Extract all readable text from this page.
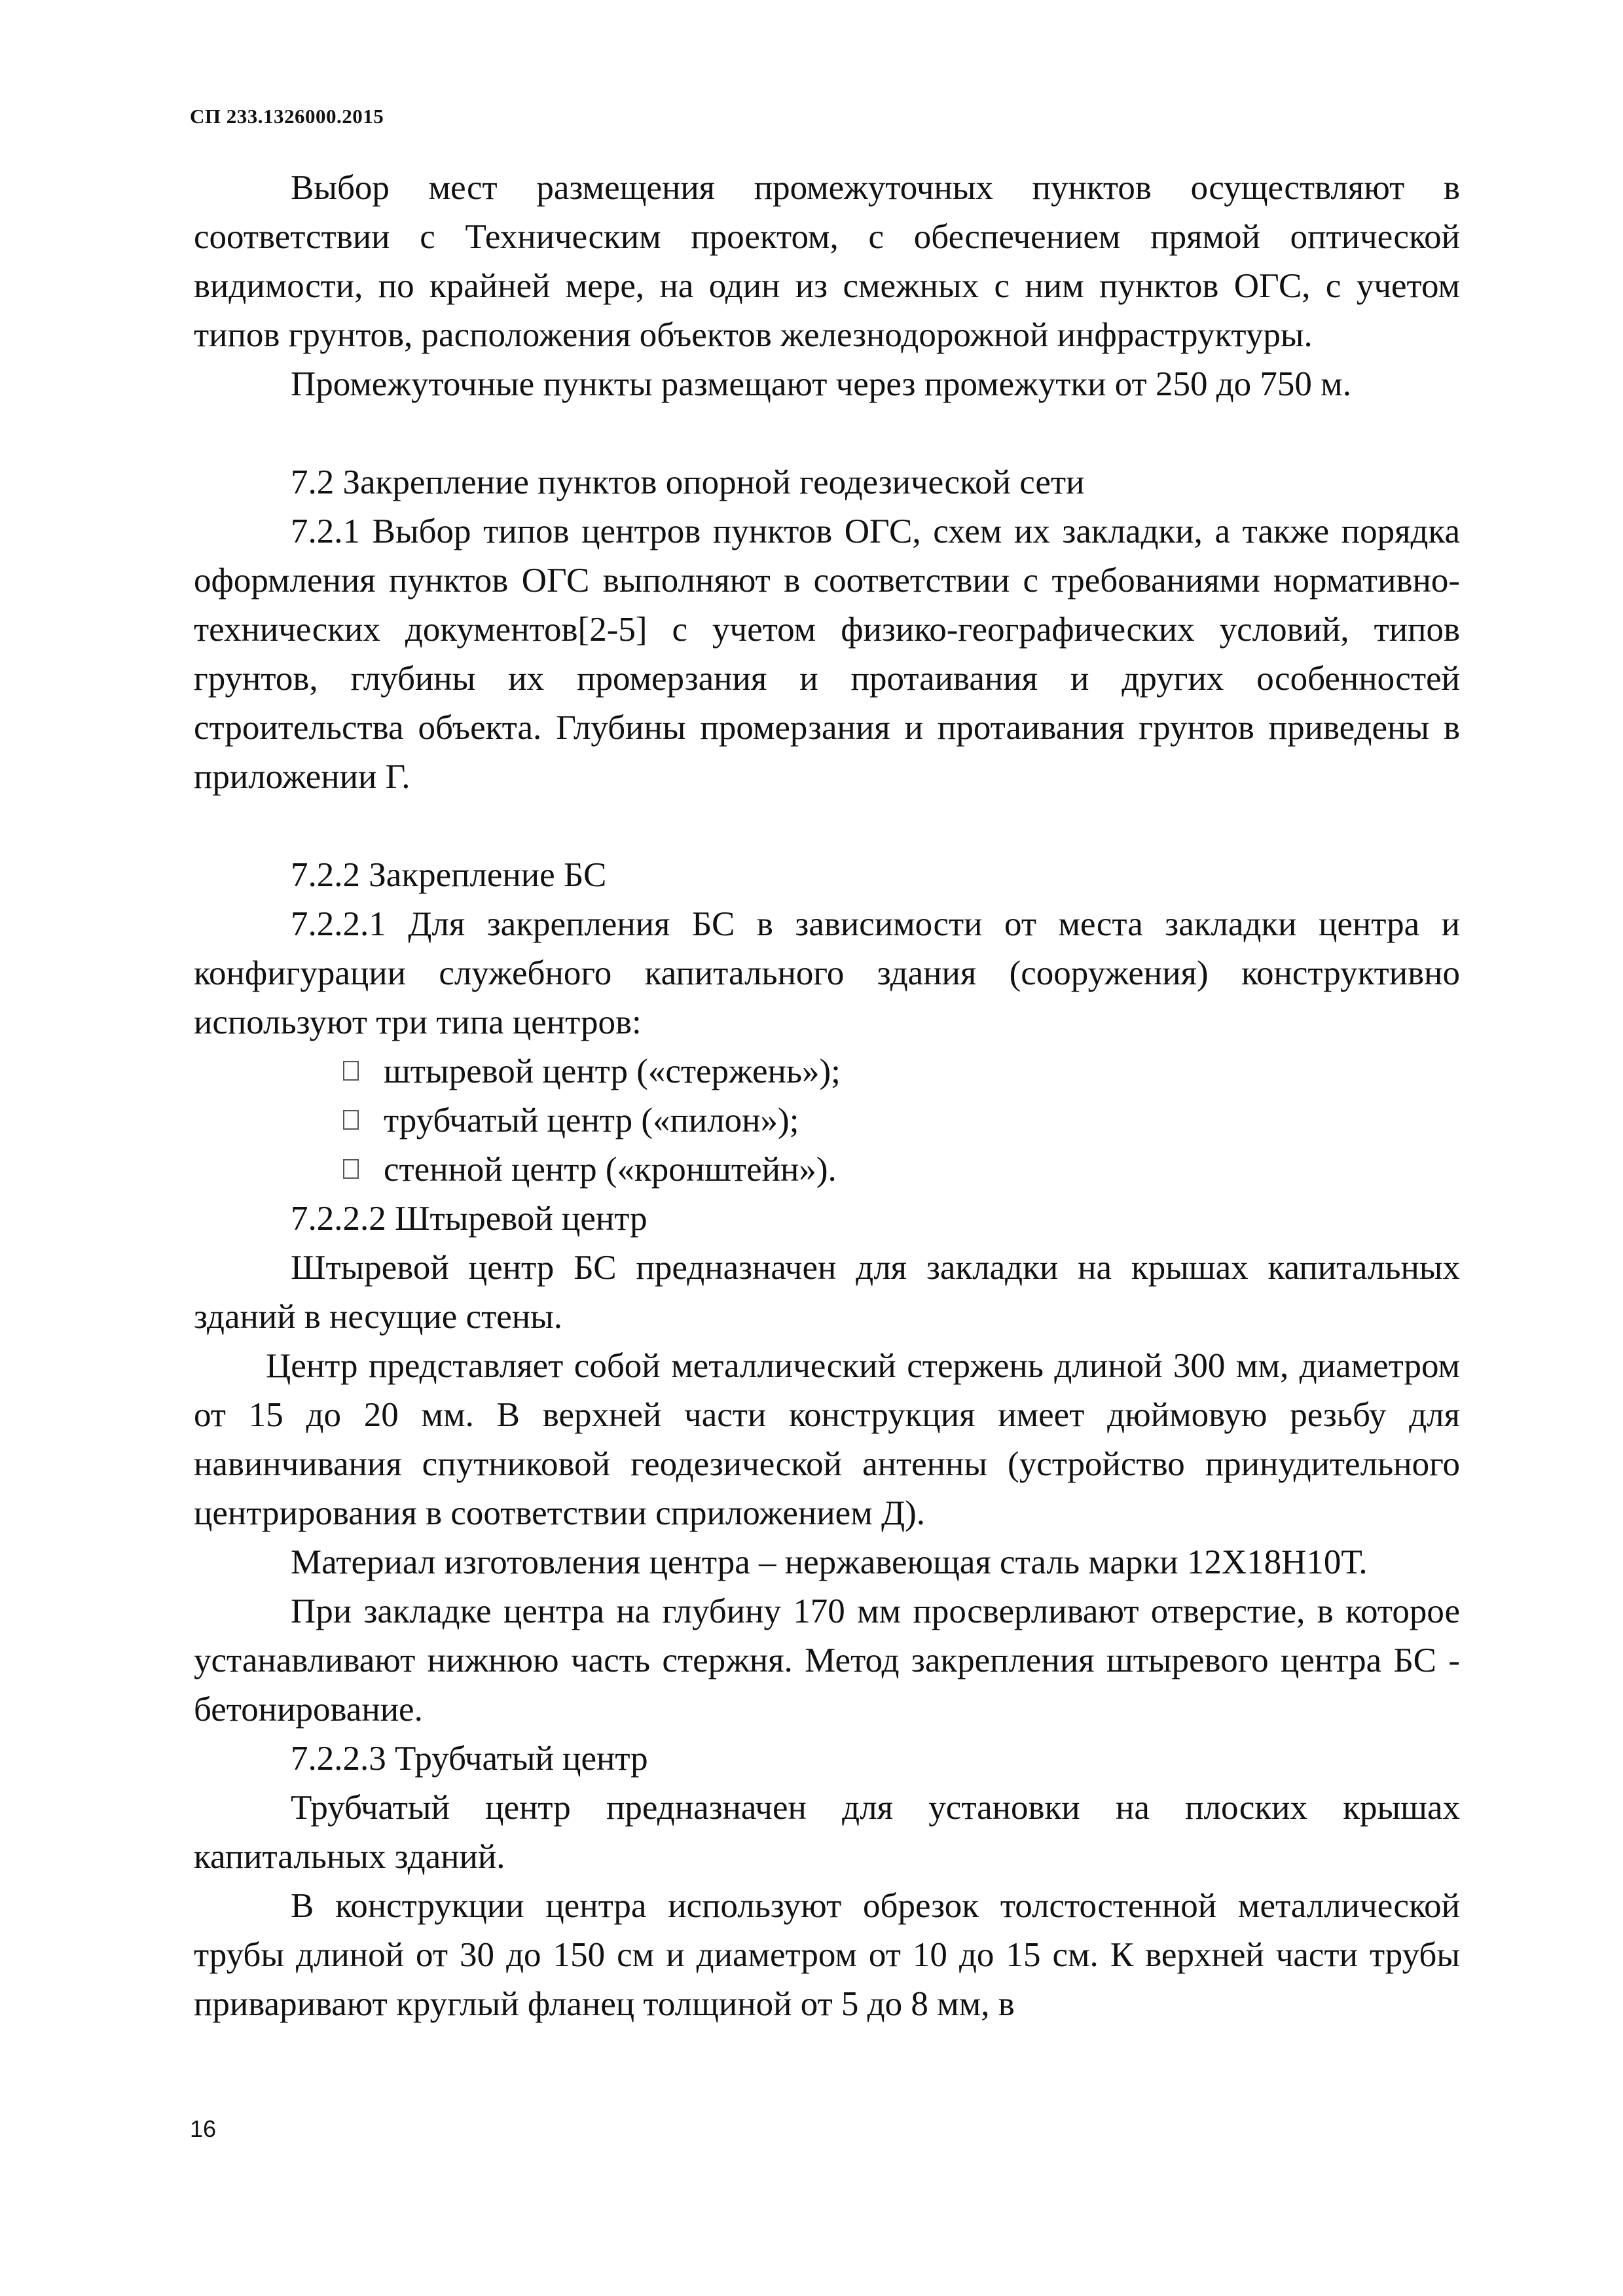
СП 233.1326000.2015

Выбор мест размещения промежуточных пунктов осуществляют в соответствии с Техническим проектом, с обеспечением прямой оптической видимости, по крайней мере, на один из смежных с ним пунктов ОГС, с учетом типов грунтов, расположения объектов железнодорожной инфраструктуры.

Промежуточные пункты размещают через промежутки от 250 до 750 м.

7.2 Закрепление пунктов опорной геодезической сети

7.2.1 Выбор типов центров пунктов ОГС, схем их закладки, а также порядка оформления пунктов ОГС выполняют в соответствии с требованиями нормативно-технических документов[2-5] с учетом физико-географических условий, типов грунтов, глубины их промерзания и протаивания и других особенностей строительства объекта. Глубины промерзания и протаивания грунтов приведены в приложении Г.

7.2.2 Закрепление БС

7.2.2.1 Для закрепления БС в зависимости от места закладки центра и конфигурации служебного капитального здания (сооружения) конструктивно используют три типа центров:

штыревой центр («стержень»);
трубчатый центр («пилон»);
стенной центр («кронштейн»).

7.2.2.2 Штыревой центр

Штыревой центр БС предназначен для закладки на крышах капитальных зданий в несущие стены.

Центр представляет собой металлический стержень длиной 300 мм, диаметром от 15 до 20 мм. В верхней части конструкция имеет дюймовую резьбу для навинчивания спутниковой геодезической антенны (устройство принудительного центрирования в соответствии сприложением Д).

Материал изготовления центра – нержавеющая сталь марки 12Х18Н10Т.

При закладке центра на глубину 170 мм просверливают отверстие, в которое устанавливают нижнюю часть стержня. Метод закрепления штыревого центра БС - бетонирование.

7.2.2.3 Трубчатый центр

Трубчатый центр предназначен для установки на плоских крышах капитальных зданий.

В конструкции центра используют обрезок толстостенной металлической трубы длиной от 30 до 150 см и диаметром от 10 до 15 см. К верхней части трубы приваривают круглый фланец толщиной от 5 до 8 мм, в

16
